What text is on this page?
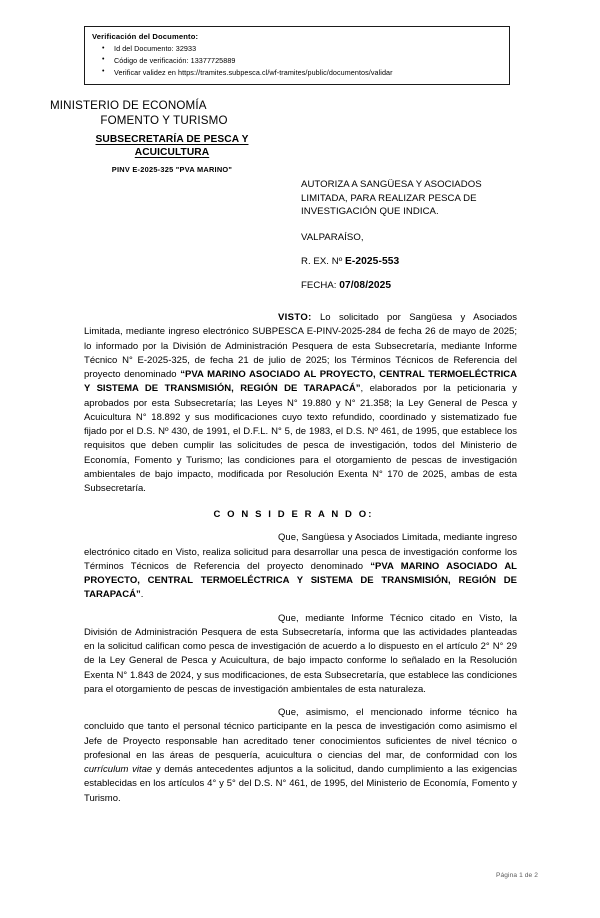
Verificación del Documento:
• Id del Documento: 32933
• Código de verificación: 13377725889
• Verificar validez en https://tramites.subpesca.cl/wf-tramites/public/documentos/validar
MINISTERIO DE ECONOMÍA
FOMENTO Y TURISMO
SUBSECRETARÍA DE PESCA Y
ACUICULTURA
PINV E-2025-325 "PVA MARINO"
AUTORIZA A SANGÜESA Y ASOCIADOS LIMITADA, PARA REALIZAR PESCA DE INVESTIGACIÓN QUE INDICA.
VALPARAÍSO,
R. EX. Nº E-2025-553
FECHA: 07/08/2025

VISTO: Lo solicitado por Sangüesa y Asociados Limitada, mediante ingreso electrónico SUBPESCA E-PINV-2025-284 de fecha 26 de mayo de 2025; lo informado por la División de Administración Pesquera de esta Subsecretaría, mediante Informe Técnico N° E-2025-325, de fecha 21 de julio de 2025; los Términos Técnicos de Referencia del proyecto denominado “PVA MARINO ASOCIADO AL PROYECTO, CENTRAL TERMOELÉCTRICA Y SISTEMA DE TRANSMISIÓN, REGIÓN DE TARAPACÁ”, elaborados por la peticionaria y aprobados por esta Subsecretaría; las Leyes N° 19.880 y N° 21.358; la Ley General de Pesca y Acuicultura N° 18.892 y sus modificaciones cuyo texto refundido, coordinado y sistematizado fue fijado por el D.S. Nº 430, de 1991, el D.F.L. N° 5, de 1983, el D.S. Nº 461, de 1995, que establece los requisitos que deben cumplir las solicitudes de pesca de investigación, todos del Ministerio de Economía, Fomento y Turismo; las condiciones para el otorgamiento de pescas de investigación ambientales de bajo impacto, modificada por Resolución Exenta N° 170 de 2025, ambas de esta Subsecretaría.

C O N S I D E R A N D O:

Que, Sangüesa y Asociados Limitada, mediante ingreso electrónico citado en Visto, realiza solicitud para desarrollar una pesca de investigación conforme los Términos Técnicos de Referencia del proyecto denominado “PVA MARINO ASOCIADO AL PROYECTO, CENTRAL TERMOELÉCTRICA Y SISTEMA DE TRANSMISIÓN, REGIÓN DE TARAPACÁ”.

Que, mediante Informe Técnico citado en Visto, la División de Administración Pesquera de esta Subsecretaría, informa que las actividades planteadas en la solicitud califican como pesca de investigación de acuerdo a lo dispuesto en el artículo 2° N° 29 de la Ley General de Pesca y Acuicultura, de bajo impacto conforme lo señalado en la Resolución Exenta N° 1.843 de 2024, y sus modificaciones, de esta Subsecretaría, que establece las condiciones para el otorgamiento de pescas de investigación ambientales de esta naturaleza.

Que, asimismo, el mencionado informe técnico ha concluido que tanto el personal técnico participante en la pesca de investigación como asimismo el Jefe de Proyecto responsable han acreditado tener conocimientos suficientes de nivel técnico o profesional en las áreas de pesquería, acuicultura o ciencias del mar, de conformidad con los currículum vitae y demás antecedentes adjuntos a la solicitud, dando cumplimiento a las exigencias establecidas en los artículos 4° y 5° del D.S. N° 461, de 1995, del Ministerio de Economía, Fomento y Turismo.

Página 1 de 2
